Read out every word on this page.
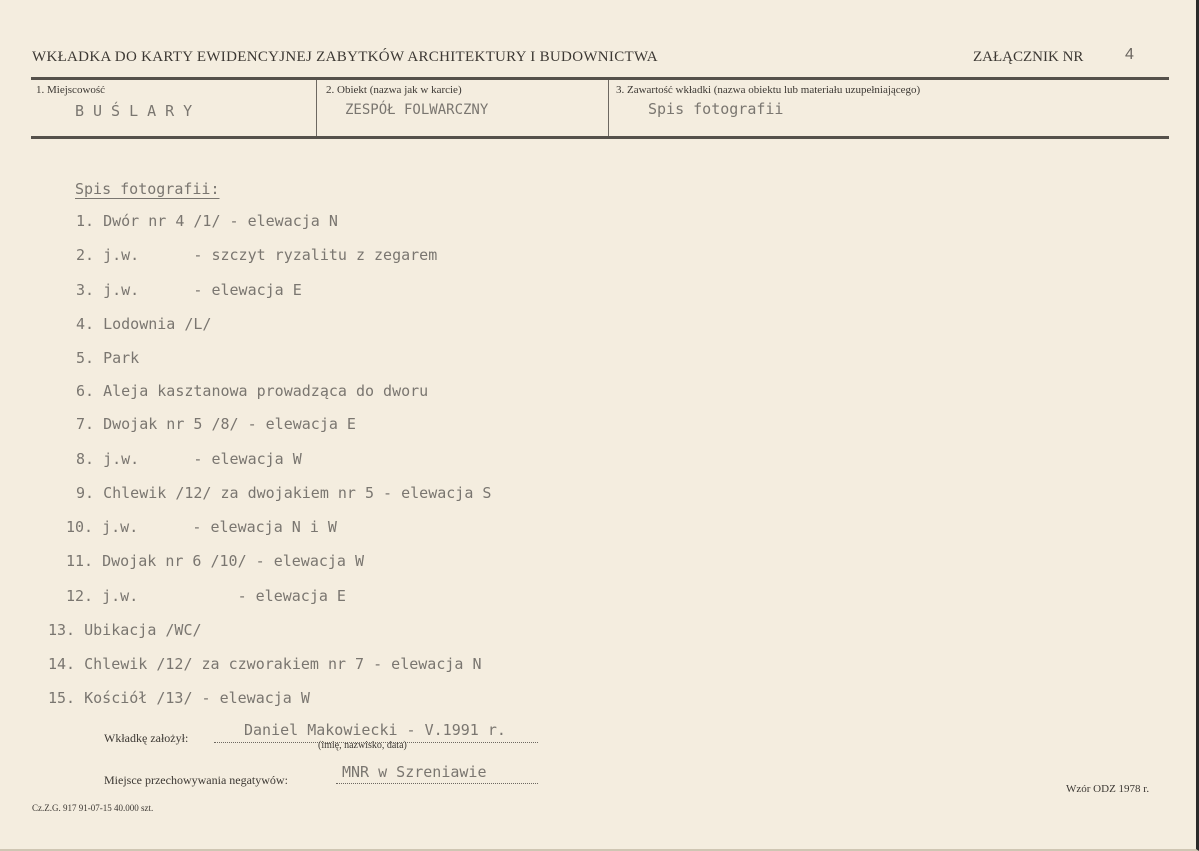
WKŁADKA DO KARTY EWIDENCYJNEJ ZABYTKÓW ARCHITEKTURY I BUDOWNICTWA	ZAŁĄCZNIK NR	4
1. Miejscowość
BUŚLARY
2. Obiekt (nazwa jak w karcie)
ZESPÓŁ FOLWARCZNY
3. Zawartość wkładki (nazwa obiektu lub materiału uzupełniającego)
Spis fotografii
Spis fotografii:
1. Dwór nr 4 /1/ - elewacja N
2. j.w.      - szczyt ryzalitu z zegarem
3. j.w.      - elewacja E
4. Lodownia /L/
5. Park
6. Aleja kasztanowa prowadząca do dworu
7. Dwojak nr 5 /8/ - elewacja E
8. j.w.      - elewacja W
9. Chlewik /12/ za dwojakiem nr 5 - elewacja S
10. j.w.      - elewacja N i W
11. Dwojak nr 6 /10/ - elewacja W
12. j.w.           - elewacja E
13. Ubikacja /WC/
14. Chlewik /12/ za czworakiem nr 7 - elewacja N
15. Kościół /13/ - elewacja W
Wkładkę założył:	Daniel Makowiecki - V.1991 r.
(imię, nazwisko, data)
Miejsce przechowywania negatywów:	MNR w Szreniawie
Cz.Z.G. 917 91-07-15 40.000 szt.
Wzór ODZ 1978 r.
